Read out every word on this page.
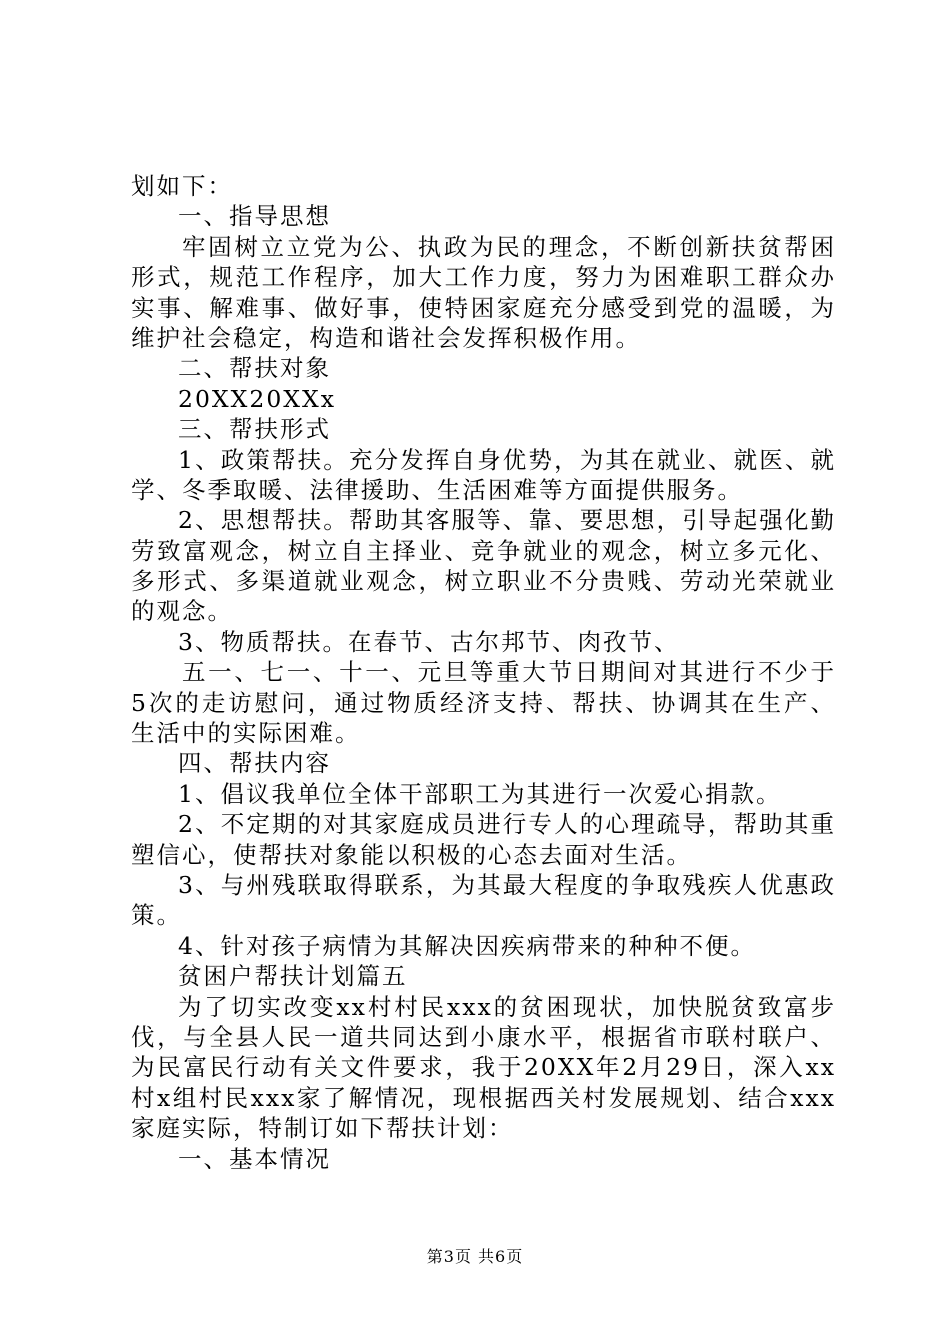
划如下：
一、指导思想
牢固树立立党为公、执政为民的理念，不断创新扶贫帮困
形式，规范工作程序，加大工作力度，努力为困难职工群众办
实事、解难事、做好事，使特困家庭充分感受到党的温暖，为
维护社会稳定，构造和谐社会发挥积极作用。
二、帮扶对象
20XX20XXx
三、帮扶形式
1、政策帮扶。充分发挥自身优势，为其在就业、就医、就
学、冬季取暖、法律援助、生活困难等方面提供服务。
2、思想帮扶。帮助其客服等、靠、要思想，引导起强化勤
劳致富观念，树立自主择业、竞争就业的观念，树立多元化、
多形式、多渠道就业观念，树立职业不分贵贱、劳动光荣就业
的观念。
3、物质帮扶。在春节、古尔邦节、肉孜节、
五一、七一、十一、元旦等重大节日期间对其进行不少于
5次的走访慰问，通过物质经济支持、帮扶、协调其在生产、
生活中的实际困难。
四、帮扶内容
1、倡议我单位全体干部职工为其进行一次爱心捐款。
2、不定期的对其家庭成员进行专人的心理疏导，帮助其重
塑信心，使帮扶对象能以积极的心态去面对生活。
3、与州残联取得联系，为其最大程度的争取残疾人优惠政
策。
4、针对孩子病情为其解决因疾病带来的种种不便。
贫困户帮扶计划篇五
为了切实改变xx村村民xxx的贫困现状，加快脱贫致富步
伐，与全县人民一道共同达到小康水平，根据省市联村联户、
为民富民行动有关文件要求，我于20XX年2月29日，深入xx
村x组村民xxx家了解情况，现根据西关村发展规划、结合xxx
家庭实际，特制订如下帮扶计划：
一、基本情况
第3页 共6页
